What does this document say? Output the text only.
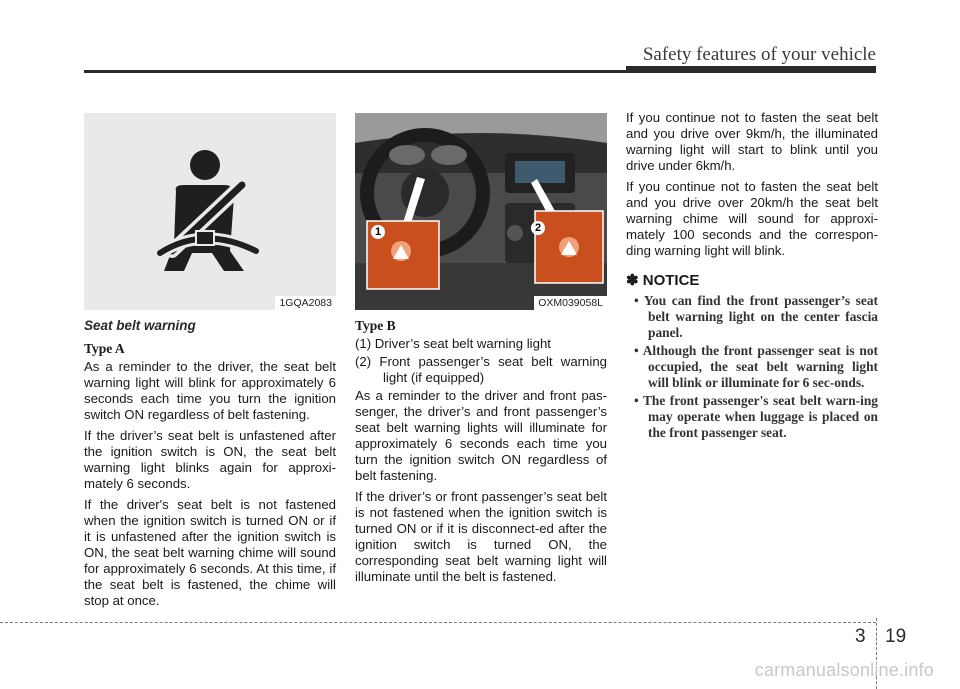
Safety features of your vehicle
1GQA2083
Seat belt warning
Type A

As a reminder to the driver, the seat belt warning light will blink for approximately 6 seconds each time you turn the ignition switch ON regardless of belt fastening.

If the driver’s seat belt is unfastened after the ignition switch is ON, the seat belt warning light blinks again for approxi-mately 6 seconds.

If the driver's seat belt is not fastened when the ignition switch is turned ON or if it is unfastened after the ignition switch is ON, the seat belt warning chime will sound for approximately 6 seconds. At this time, if the seat belt is fastened, the chime will stop at once.

1	2
OXM039058L
Type B

(1) Driver’s seat belt warning light

(2) Front passenger’s seat belt warning light (if equipped)

As a reminder to the driver and front pas-senger, the driver’s and front passenger’s seat belt warning lights will illuminate for approximately 6 seconds each time you turn the ignition switch ON regardless of belt fastening.

If the driver’s or front passenger’s seat belt is not fastened when the ignition switch is turned ON or if it is disconnect-ed after the ignition switch is turned ON, the corresponding seat belt warning light will illuminate until the belt is fastened.

If you continue not to fasten the seat belt and you drive over 9km/h, the illuminated warning light will start to blink until you drive under 6km/h.

If you continue not to fasten the seat belt and you drive over 20km/h the seat belt warning chime will sound for approxi-mately 100 seconds and the correspon-ding warning light will blink.

✽ NOTICE

• You can find the front passenger’s seat belt warning light on the center fascia panel.

• Although the front passenger seat is not occupied, the seat belt warning light will blink or illuminate for 6 sec-onds.

• The front passenger's seat belt warn-ing may operate when luggage is placed on the front passenger seat.

3 19
carmanualsonline.info
